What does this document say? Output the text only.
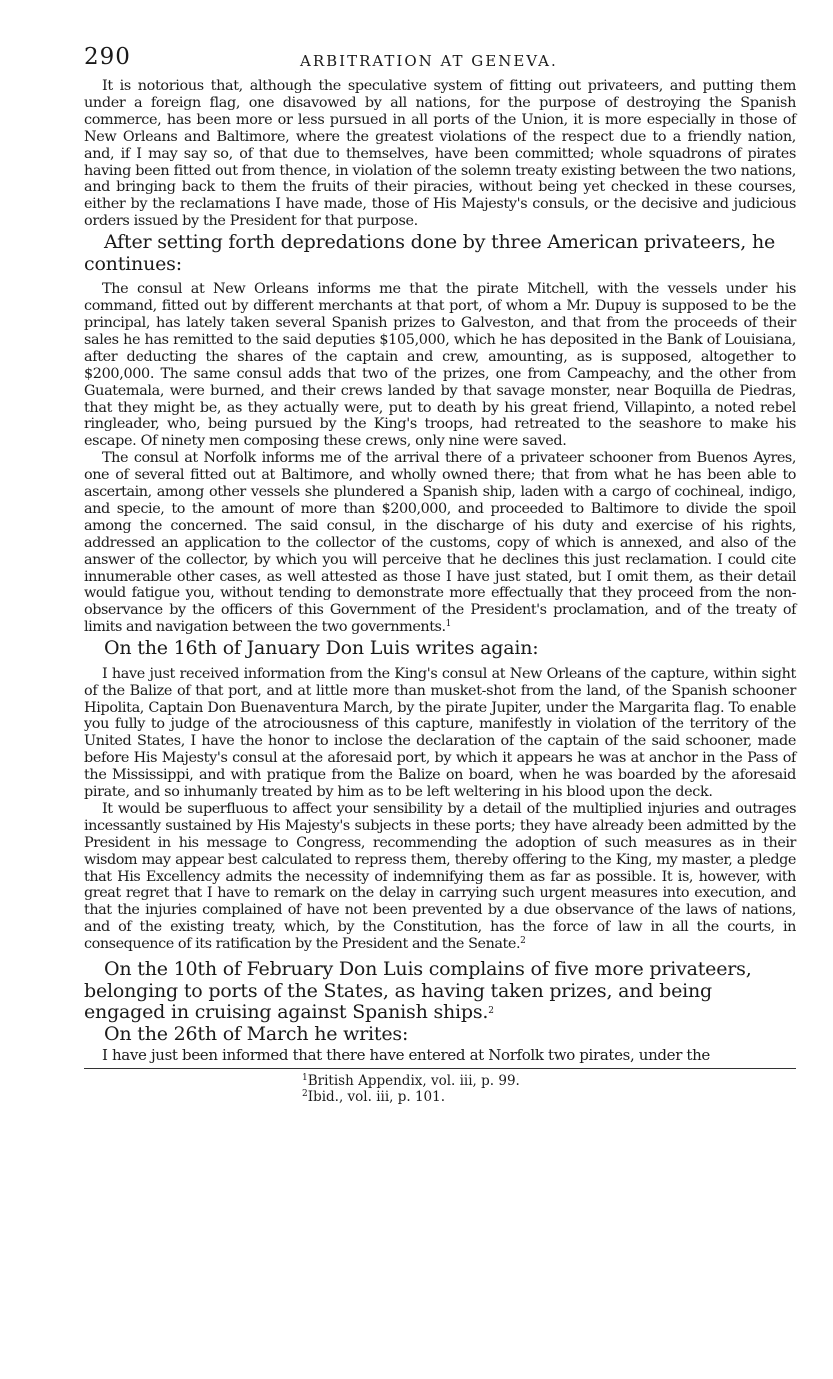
290	ARBITRATION AT GENEVA.

It is notorious that, although the speculative system of fitting out privateers, and putting them under a foreign flag, one disavowed by all nations, for the purpose of destroying the Spanish commerce, has been more or less pursued in all ports of the Union, it is more especially in those of New Orleans and Baltimore, where the greatest violations of the respect due to a friendly nation, and, if I may say so, of that due to themselves, have been committed; whole squadrons of pirates having been fitted out from thence, in violation of the solemn treaty existing between the two nations, and bringing back to them the fruits of their piracies, without being yet checked in these courses, either by the reclamations I have made, those of His Majesty's consuls, or the decisive and judicious orders issued by the President for that purpose.

After setting forth depredations done by three American privateers, he continues:

The consul at New Orleans informs me that the pirate Mitchell, with the vessels under his command, fitted out by different merchants at that port, of whom a Mr. Dupuy is supposed to be the principal, has lately taken several Spanish prizes to Galveston, and that from the proceeds of their sales he has remitted to the said deputies $105,000, which he has deposited in the Bank of Louisiana, after deducting the shares of the captain and crew, amounting, as is supposed, altogether to $200,000. The same consul adds that two of the prizes, one from Campeachy, and the other from Guatemala, were burned, and their crews landed by that savage monster, near Boquilla de Piedras, that they might be, as they actually were, put to death by his great friend, Villapinto, a noted rebel ringleader, who, being pursued by the King's troops, had retreated to the seashore to make his escape. Of ninety men composing these crews, only nine were saved.

The consul at Norfolk informs me of the arrival there of a privateer schooner from Buenos Ayres, one of several fitted out at Baltimore, and wholly owned there; that from what he has been able to ascertain, among other vessels she plundered a Spanish ship, laden with a cargo of cochineal, indigo, and specie, to the amount of more than $200,000, and proceeded to Baltimore to divide the spoil among the concerned. The said consul, in the discharge of his duty and exercise of his rights, addressed an application to the collector of the customs, copy of which is annexed, and also of the answer of the collector, by which you will perceive that he declines this just reclamation. I could cite innumerable other cases, as well attested as those I have just stated, but I omit them, as their detail would fatigue you, without tending to demonstrate more effectually that they proceed from the non-observance by the officers of this Government of the President's proclamation, and of the treaty of limits and navigation between the two governments.$^1$

On the 16th of January Don Luis writes again:

I have just received information from the King's consul at New Orleans of the capture, within sight of the Balize of that port, and at little more than musket-shot from the land, of the Spanish schooner Hipolita, Captain Don Buenaventura March, by the pirate Jupiter, under the Margarita flag. To enable you fully to judge of the atrociousness of this capture, manifestly in violation of the territory of the United States, I have the honor to inclose the declaration of the captain of the said schooner, made before His Majesty's consul at the aforesaid port, by which it appears he was at anchor in the Pass of the Mississippi, and with pratique from the Balize on board, when he was boarded by the aforesaid pirate, and so inhumanly treated by him as to be left weltering in his blood upon the deck.

It would be superfluous to affect your sensibility by a detail of the multiplied injuries and outrages incessantly sustained by His Majesty's subjects in these ports; they have already been admitted by the President in his message to Congress, recommending the adoption of such measures as in their wisdom may appear best calculated to repress them, thereby offering to the King, my master, a pledge that His Excellency admits the necessity of indemnifying them as far as possible. It is, however, with great regret that I have to remark on the delay in carrying such urgent measures into execution, and that the injuries complained of have not been prevented by a due observance of the laws of nations, and of the existing treaty, which, by the Constitution, has the force of law in all the courts, in consequence of its ratification by the President and the Senate.$^2$

On the 10th of February Don Luis complains of five more privateers, belonging to ports of the States, as having taken prizes, and being engaged in cruising against Spanish ships.$^2$

On the 26th of March he writes:

I have just been informed that there have entered at Norfolk two pirates, under the

$^1$British Appendix, vol. iii, p. 99.
$^2$Ibid., vol. iii, p. 101.
